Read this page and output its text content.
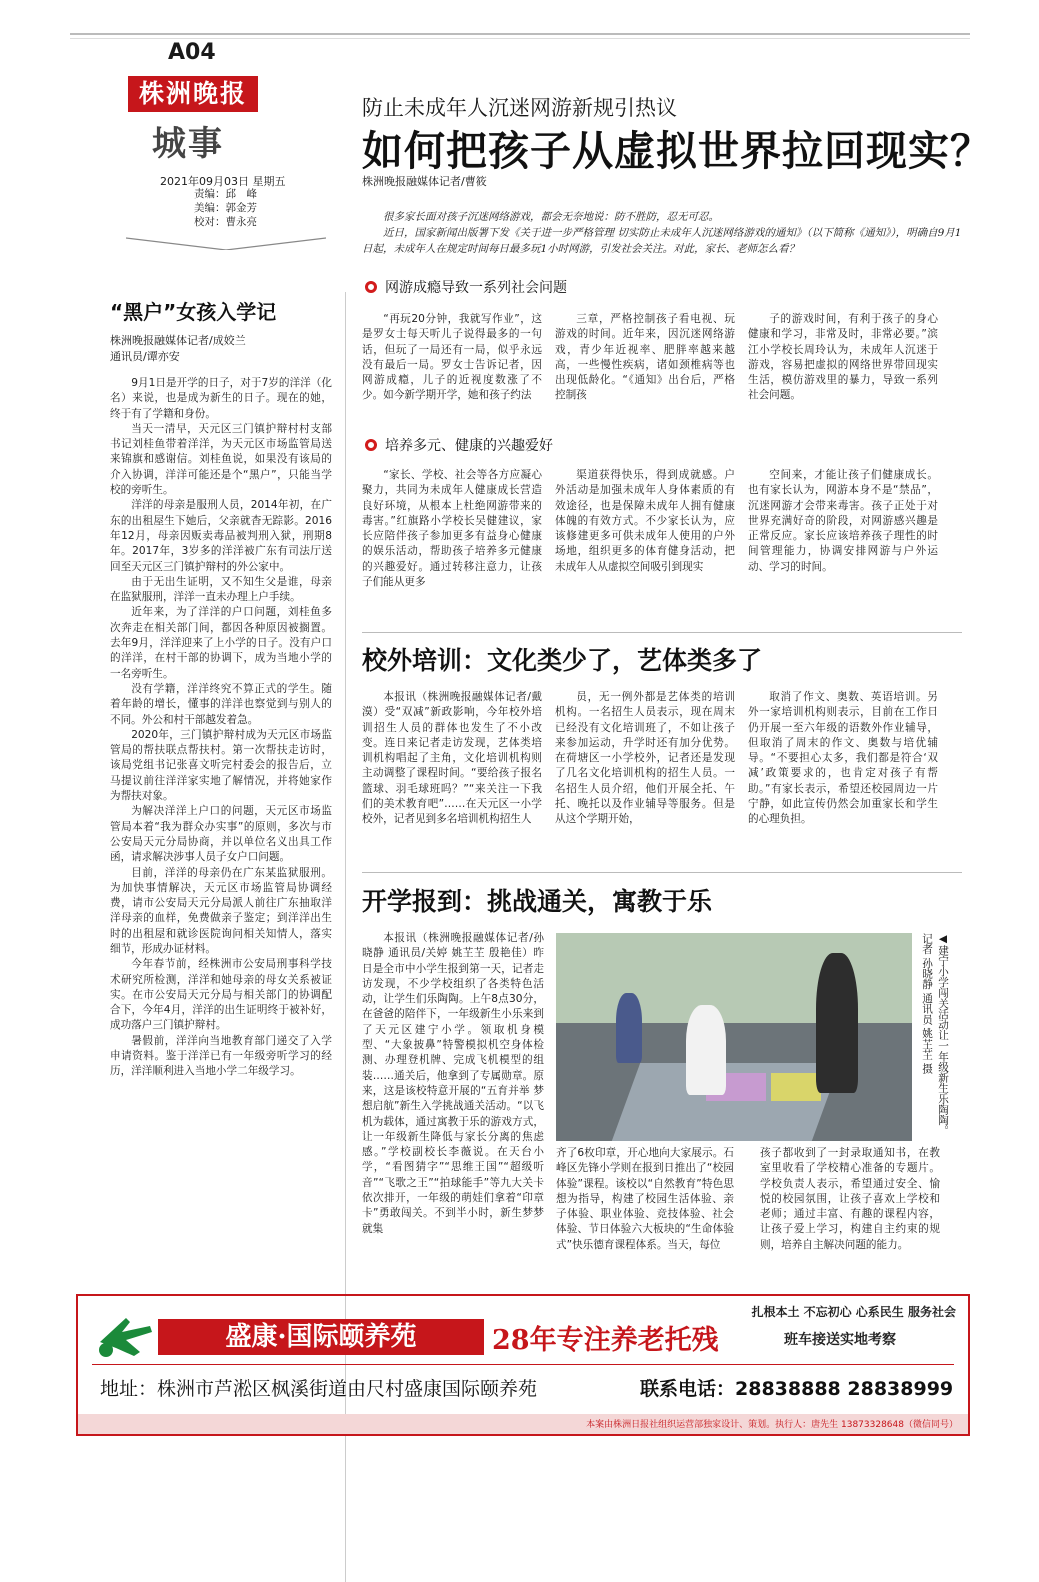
A04
株洲晚报
城事
2021年09月03日 星期五
责编：邱　峰
美编：郭金芳
校对：曹永亮
防止未成年人沉迷网游新规引热议
如何把孩子从虚拟世界拉回现实？
株洲晚报融媒体记者/曹筱
很多家长面对孩子沉迷网络游戏，都会无奈地说：防不胜防，忍无可忍。
近日，国家新闻出版署下发《关于进一步严格管理 切实防止未成年人沉迷网络游戏的通知》（以下简称《通知》），明确自9月1日起，未成年人在规定时间每日最多玩1小时网游，引发社会关注。对此，家长、老师怎么看？
网游成瘾导致一系列社会问题

“再玩20分钟，我就写作业”，这是罗女士每天听儿子说得最多的一句话，但玩了一局还有一局，似乎永远没有最后一局。罗女士告诉记者，因网游成瘾，儿子的近视度数涨了不少。如今新学期开学，她和孩子约法

三章，严格控制孩子看电视、玩游戏的时间。近年来，因沉迷网络游戏，青少年近视率、肥胖率越来越高，一些慢性疾病，诸如颈椎病等也出现低龄化。“《通知》出台后，严格控制孩

子的游戏时间，有利于孩子的身心健康和学习，非常及时，非常必要。”滨江小学校长周玲认为，未成年人沉迷于游戏，容易把虚拟的网络世界带回现实生活，模仿游戏里的暴力，导致一系列社会问题。

培养多元、健康的兴趣爱好

“家长、学校、社会等各方应凝心聚力，共同为未成年人健康成长营造良好环境，从根本上杜绝网游带来的毒害。”红旗路小学校长吴健建议，家长应陪伴孩子参加更多有益身心健康的娱乐活动，帮助孩子培养多元健康的兴趣爱好。通过转移注意力，让孩子们能从更多

渠道获得快乐，得到成就感。户外活动是加强未成年人身体素质的有效途径，也是保障未成年人拥有健康体魄的有效方式。不少家长认为，应该修建更多可供未成年人使用的户外场地，组织更多的体育健身活动，把未成年人从虚拟空间吸引到现实

空间来，才能让孩子们健康成长。也有家长认为，网游本身不是“禁品”，沉迷网游才会带来毒害。孩子正处于对世界充满好奇的阶段，对网游感兴趣是正常反应。家长应该培养孩子理性的时间管理能力，协调安排网游与户外运动、学习的时间。

“黑户”女孩入学记
株洲晚报融媒体记者/成姣兰
通讯员/谭亦安

9月1日是开学的日子，对于7岁的洋洋（化名）来说，也是成为新生的日子。现在的她，终于有了学籍和身份。

当天一清早，天元区三门镇护辩村村支部书记刘桂鱼带着洋洋，为天元区市场监管局送来锦旗和感谢信。刘桂鱼说，如果没有该局的介入协调，洋洋可能还是个“黑户”，只能当学校的旁听生。

洋洋的母亲是服刑人员，2014年初，在广东的出租屋生下她后，父亲就杳无踪影。2016年12月，母亲因贩卖毒品被判刑入狱，刑期8年。2017年，3岁多的洋洋被广东有司法厅送回至天元区三门镇护辩村的外公家中。

由于无出生证明，又不知生父是谁，母亲在监狱服刑，洋洋一直未办理上户手续。

近年来，为了洋洋的户口问题，刘桂鱼多次奔走在相关部门间，都因各种原因被搁置。去年9月，洋洋迎来了上小学的日子。没有户口的洋洋，在村干部的协调下，成为当地小学的一名旁听生。

没有学籍，洋洋终究不算正式的学生。随着年龄的增长，懂事的洋洋也察觉到与别人的不同。外公和村干部越发着急。

2020年，三门镇护辩村成为天元区市场监管局的帮扶联点帮扶村。第一次帮扶走访时，该局党组书记张喜文听完村委会的报告后，立马提议前往洋洋家实地了解情况，并将她家作为帮扶对象。

为解决洋洋上户口的问题，天元区市场监管局本着“我为群众办实事”的原则，多次与市公安局天元分局协商，并以单位名义出具工作函，请求解决涉事人员子女户口问题。

目前，洋洋的母亲仍在广东某监狱服刑。为加快事情解决，天元区市场监管局协调经费，请市公安局天元分局派人前往广东抽取洋洋母亲的血样，免费做亲子鉴定；到洋洋出生时的出租屋和就诊医院询问相关知情人，落实细节，形成办证材料。

今年春节前，经株洲市公安局刑事科学技术研究所检测，洋洋和她母亲的母女关系被证实。在市公安局天元分局与相关部门的协调配合下，今年4月，洋洋的出生证明终于被补好，成功落户三门镇护辩村。

暑假前，洋洋向当地教育部门递交了入学申请资料。鉴于洋洋已有一年级旁听学习的经历，洋洋顺利进入当地小学二年级学习。

校外培训：文化类少了，艺体类多了

本报讯（株洲晚报融媒体记者/戴漠）受“双减”新政影响，今年校外培训招生人员的群体也发生了不小改变。连日来记者走访发现，艺体类培训机构唱起了主角，文化培训机构则主动调整了课程时间。“要给孩子报名篮球、羽毛球班吗？”“来关注一下我们的美术教育吧”……在天元区一小学校外，记者见到多名培训机构招生人

员，无一例外都是艺体类的培训机构。一名招生人员表示，现在周末已经没有文化培训班了，不如让孩子来参加运动，升学时还有加分优势。在荷塘区一小学校外，记者还是发现了几名文化培训机构的招生人员。一名招生人员介绍，他们开展全托、午托、晚托以及作业辅导等服务。但是从这个学期开始，

取消了作文、奥数、英语培训。另外一家培训机构则表示，目前在工作日仍开展一至六年级的语数外作业辅导，但取消了周末的作文、奥数与培优辅导。“不要担心太多，我们都是符合‘双减’政策要求的，也肯定对孩子有帮助。”有家长表示，希望还校园周边一片宁静，如此宣传仍然会加重家长和学生的心理负担。

开学报到：挑战通关，寓教于乐

本报讯（株洲晚报融媒体记者/孙晓静 通讯员/关婷 姚芏芏 殷艳佳）昨日是全市中小学生报到第一天，记者走访发现，不少学校组织了各类特色活动，让学生们乐陶陶。上午8点30分，在爸爸的陪伴下，一年级新生小乐来到了天元区建宁小学。领取机身模型、“大象披鼻”特警模拟机空身体检测、办理登机牌、完成飞机模型的组装……通关后，他拿到了专属勋章。原来，这是该校特意开展的“五育并举 梦想启航”新生入学挑战通关活动。“以飞机为载体，通过寓教于乐的游戏方式，让一年级新生降低与家长分离的焦虑感。”学校副校长李薇说。在天台小学，“看图猜字”“思维王国”“超级听音”“飞歌之王”“拍球能手”等九大关卡依次排开，一年级的萌娃们拿着“印章卡”勇敢闯关。不到半小时，新生梦梦就集

◀建宁小学闯关活动让一年级新生乐陶陶。记者 孙晓静 通讯员 姚芏芏 摄

齐了6枚印章，开心地向大家展示。石峰区先锋小学则在报到日推出了“校园体验”课程。该校以“自然教育”特色思想为指导，构建了校园生活体验、亲子体验、职业体验、竞技体验、社会体验、节日体验六大板块的“生命体验式”快乐德育课程体系。当天，每位

孩子都收到了一封录取通知书，在教室里收看了学校精心准备的专题片。学校负责人表示，希望通过安全、愉悦的校园氛围，让孩子喜欢上学校和老师；通过丰富、有趣的课程内容，让孩子爱上学习，构建自主约束的规则，培养自主解决问题的能力。

扎根本土 不忘初心 心系民生 服务社会
盛康·国际颐养苑	28年专注养老托残	班车接送实地考察
地址：株洲市芦淞区枫溪街道由尺村盛康国际颐养苑	联系电话：28838888 28838999
本案由株洲日报社组织运营部独家设计、策划。执行人：唐先生 13873328648（微信同号）
